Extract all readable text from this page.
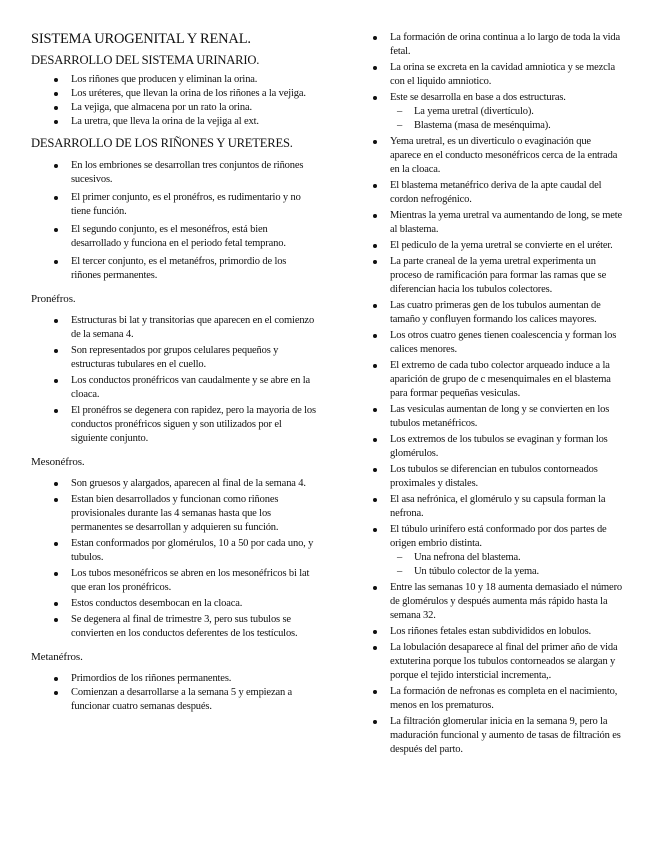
SISTEMA UROGENITAL Y RENAL.
DESARROLLO DEL SISTEMA URINARIO.
Los riñones que producen y eliminan la orina.
Los uréteres, que llevan la orina de los riñones a la vejiga.
La vejiga, que almacena por un rato la orina.
La uretra, que lleva la orina de la vejiga al ext.
DESARROLLO DE LOS RIÑONES Y URETERES.
En los embriones se desarrollan tres conjuntos de riñones sucesivos.
El primer conjunto, es el pronéfros, es rudimentario y no tiene función.
El segundo conjunto, es el mesonéfros, está bien desarrollado y funciona en el periodo fetal temprano.
El tercer conjunto, es el metanéfros, primordio de los riñones permanentes.

Pronéfros.

Estructuras bi lat y transitorias que aparecen en el comienzo de la semana 4.
Son representados por grupos celulares pequeños y estructuras tubulares en el cuello.
Los conductos pronéfricos van caudalmente y se abre en la cloaca.
El pronéfros se degenera con rapidez, pero la mayoria de los conductos pronéfricos siguen y son utilizados por el siguiente conjunto.

Mesonéfros.

Son gruesos y alargados, aparecen al final de la semana 4.
Estan bien desarrollados y funcionan como riñones provisionales durante las 4 semanas hasta que los permanentes se desarrollan y adquieren su función.
Estan conformados por glomérulos, 10 a 50 por cada uno, y tubulos.
Los tubos mesonéfricos se abren en los mesonéfricos bi lat que eran los pronéfricos.
Estos conductos desembocan en la cloaca.
Se degenera al final de trimestre 3, pero sus tubulos se convierten en los conductos deferentes de los testículos.

Metanéfros.

Primordios de los riñones permanentes.
Comienzan a desarrollarse a la semana 5 y empiezan a funcionar cuatro semanas después.
La formación de orina continua a lo largo de toda la vida fetal.
La orina se excreta en la cavidad amniotica y se mezcla con el liquido amniotico.
Este se desarrolla en base a dos estructuras.
– La yema uretral (divertículo).
– Blastema (masa de mesénquima).
Yema uretral, es un diverticulo o evaginación que aparece en el conducto mesonéfricos cerca de la entrada en la cloaca.
El blastema metanéfrico deriva de la apte caudal del cordon nefrogénico.
Mientras la yema uretral va aumentando de long, se mete al blastema.
El pediculo de la yema uretral se convierte en el uréter.
La parte craneal de la yema uretral experimenta un proceso de ramificación para formar las ramas que se diferencian hacia los tubulos colectores.
Las cuatro primeras gen de los tubulos aumentan de tamaño y confluyen formando los calices mayores.
Los otros cuatro genes tienen coalescencia y forman los calices menores.
El extremo de cada tubo colector arqueado induce a la aparición de grupo de c mesenquimales en el blastema para formar pequeñas vesiculas.
Las vesiculas aumentan de long y se convierten en los tubulos metanéfricos.
Los extremos de los tubulos se evaginan y forman los glomérulos.
Los tubulos se diferencian en tubulos contorneados proximales y distales.
El asa nefrónica, el glomérulo y su capsula forman la nefrona.
El túbulo urinífero está conformado por dos partes de origen embrio distinta.
– Una nefrona del blastema.
– Un túbulo colector de la yema.
Entre las semanas 10 y 18 aumenta demasiado el número de glomérulos y después aumenta más rápido hasta la semana 32.
Los riñones fetales estan subdivididos en lobulos.
La lobulación desaparece al final del primer año de vida extuterina porque los tubulos contorneados se alargan y porque el tejido intersticial incrementa,.
La formación de nefronas es completa en el nacimiento, menos en los prematuros.
La filtración glomerular inicia en la semana 9, pero la maduración funcional y aumento de tasas de filtración es después del parto.
